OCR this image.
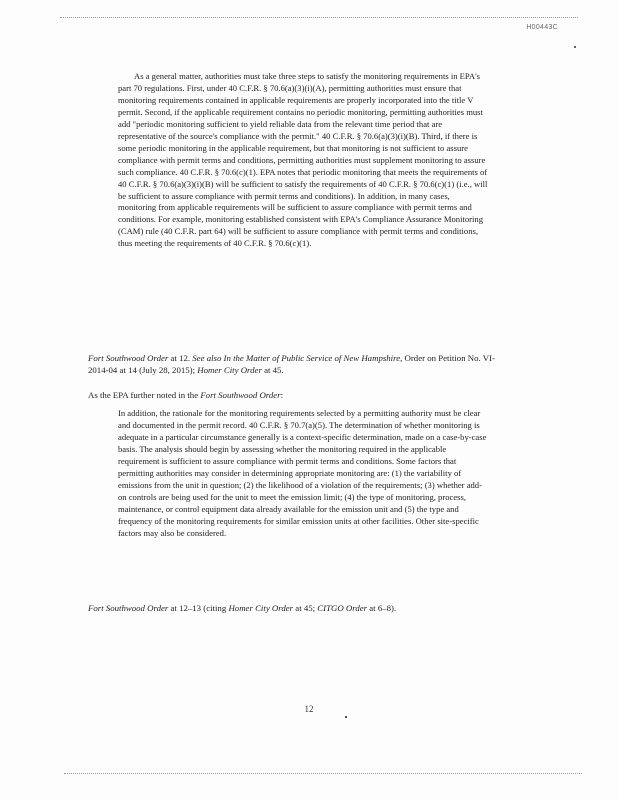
H00443C
As a general matter, authorities must take three steps to satisfy the monitoring requirements in EPA's part 70 regulations. First, under 40 C.F.R. § 70.6(a)(3)(i)(A), permitting authorities must ensure that monitoring requirements contained in applicable requirements are properly incorporated into the title V permit. Second, if the applicable requirement contains no periodic monitoring, permitting authorities must add "periodic monitoring sufficient to yield reliable data from the relevant time period that are representative of the source's compliance with the permit." 40 C.F.R. § 70.6(a)(3)(i)(B). Third, if there is some periodic monitoring in the applicable requirement, but that monitoring is not sufficient to assure compliance with permit terms and conditions, permitting authorities must supplement monitoring to assure such compliance. 40 C.F.R. § 70.6(c)(1). EPA notes that periodic monitoring that meets the requirements of 40 C.F.R. § 70.6(a)(3)(i)(B) will be sufficient to satisfy the requirements of 40 C.F.R. § 70.6(c)(1) (i.e., will be sufficient to assure compliance with permit terms and conditions). In addition, in many cases, monitoring from applicable requirements will be sufficient to assure compliance with permit terms and conditions. For example, monitoring established consistent with EPA's Compliance Assurance Monitoring (CAM) rule (40 C.F.R. part 64) will be sufficient to assure compliance with permit terms and conditions, thus meeting the requirements of 40 C.F.R. § 70.6(c)(1).
Fort Southwood Order at 12. See also In the Matter of Public Service of New Hampshire, Order on Petition No. VI-2014-04 at 14 (July 28, 2015); Homer City Order at 45.
As the EPA further noted in the Fort Southwood Order:
In addition, the rationale for the monitoring requirements selected by a permitting authority must be clear and documented in the permit record. 40 C.F.R. § 70.7(a)(5). The determination of whether monitoring is adequate in a particular circumstance generally is a context-specific determination, made on a case-by-case basis. The analysis should begin by assessing whether the monitoring required in the applicable requirement is sufficient to assure compliance with permit terms and conditions. Some factors that permitting authorities may consider in determining appropriate monitoring are: (1) the variability of emissions from the unit in question; (2) the likelihood of a violation of the requirements; (3) whether add-on controls are being used for the unit to meet the emission limit; (4) the type of monitoring, process, maintenance, or control equipment data already available for the emission unit and (5) the type and frequency of the monitoring requirements for similar emission units at other facilities. Other site-specific factors may also be considered.
Fort Southwood Order at 12–13 (citing Homer City Order at 45; CITGO Order at 6–8).
12
